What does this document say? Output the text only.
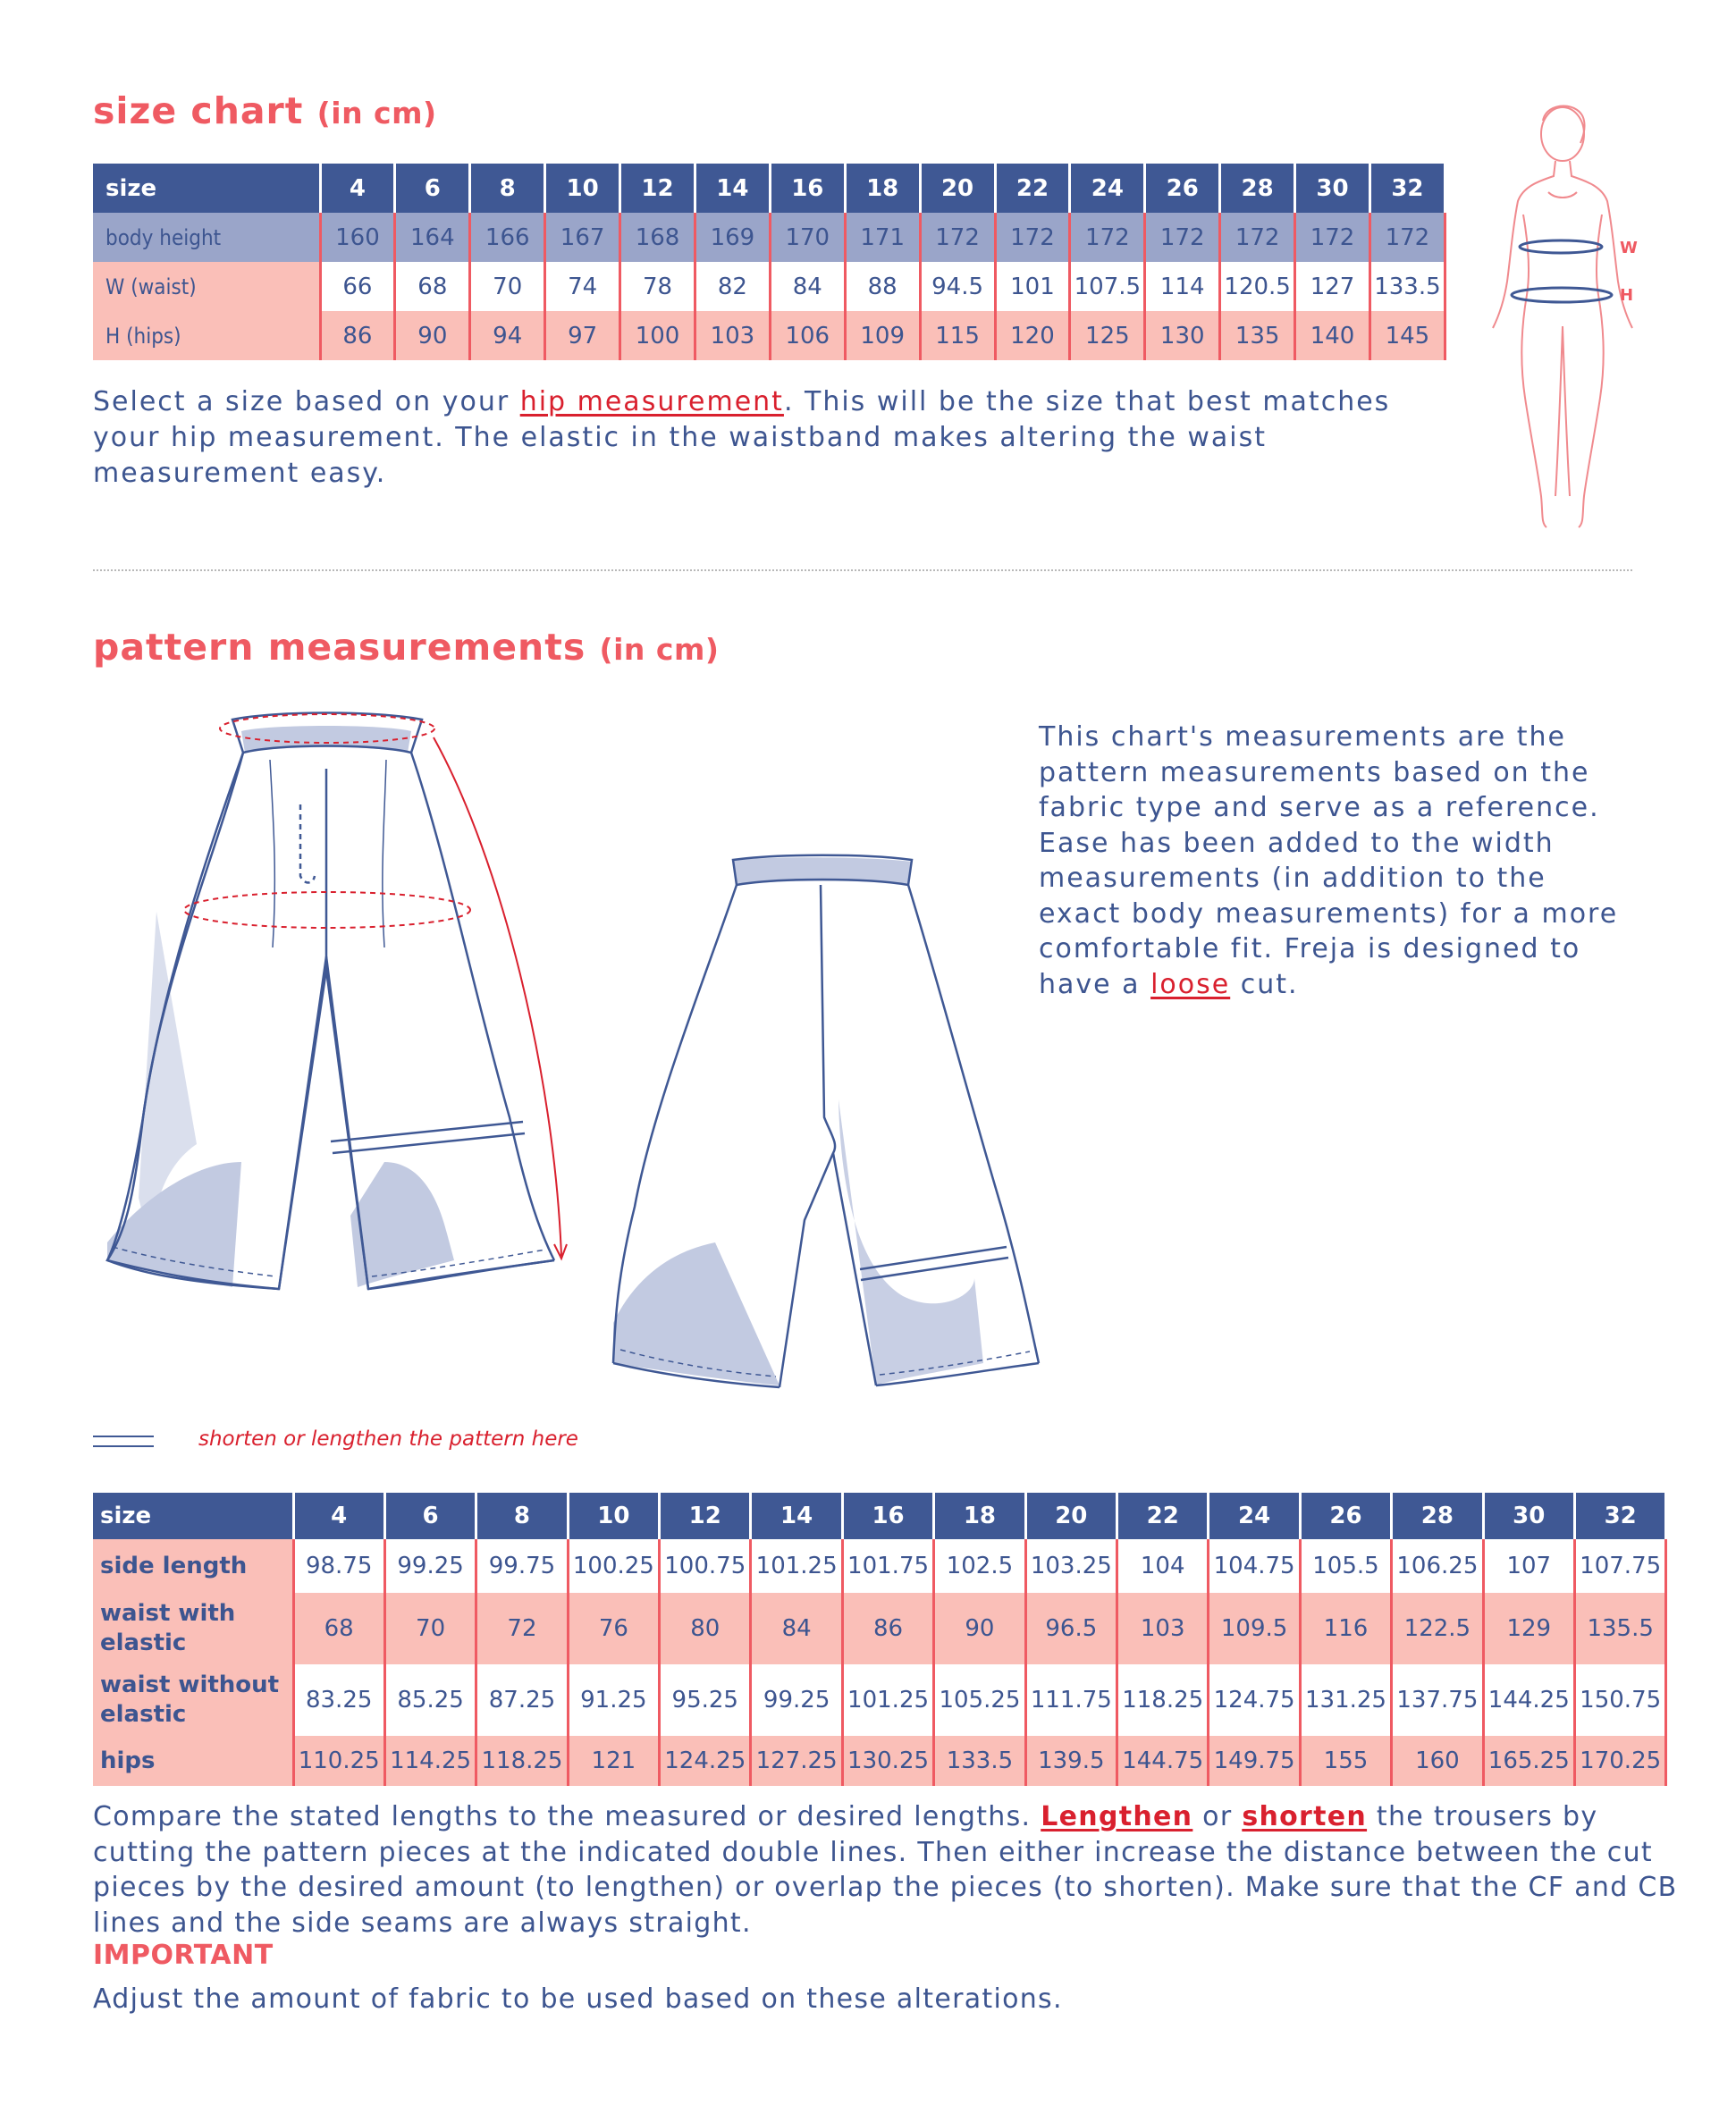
size chart (in cm)
size	4	6	8	10	12	14	16	18	20	22	24	26	28	30	32
body height	160	164	166	167	168	169	170	171	172	172	172	172	172	172	172
W (waist)	66	68	70	74	78	82	84	88	94.5	101	107.5	114	120.5	127	133.5
H (hips)	86	90	94	97	100	103	106	109	115	120	125	130	135	140	145
Select a size based on your hip measurement. This will be the size that best matches your hip measurement. The elastic in the waistband makes altering the waist measurement easy.
W
H
pattern measurements (in cm)
This chart's measurements are the pattern measurements based on the fabric type and serve as a reference. Ease has been added to the width measurements (in addition to the exact body measurements) for a more comfortable fit. Freja is designed to have a loose cut.
shorten or lengthen the pattern here
size	4	6	8	10	12	14	16	18	20	22	24	26	28	30	32
side length	98.75	99.25	99.75	100.25	100.75	101.25	101.75	102.5	103.25	104	104.75	105.5	106.25	107	107.75
waist with elastic	68	70	72	76	80	84	86	90	96.5	103	109.5	116	122.5	129	135.5
waist without elastic	83.25	85.25	87.25	91.25	95.25	99.25	101.25	105.25	111.75	118.25	124.75	131.25	137.75	144.25	150.75
hips	110.25	114.25	118.25	121	124.25	127.25	130.25	133.5	139.5	144.75	149.75	155	160	165.25	170.25
Compare the stated lengths to the measured or desired lengths. Lengthen or shorten the trousers by cutting the pattern pieces at the indicated double lines. Then either increase the distance between the cut pieces by the desired amount (to lengthen) or overlap the pieces (to shorten). Make sure that the CF and CB lines and the side seams are always straight.
IMPORTANT
Adjust the amount of fabric to be used based on these alterations.
